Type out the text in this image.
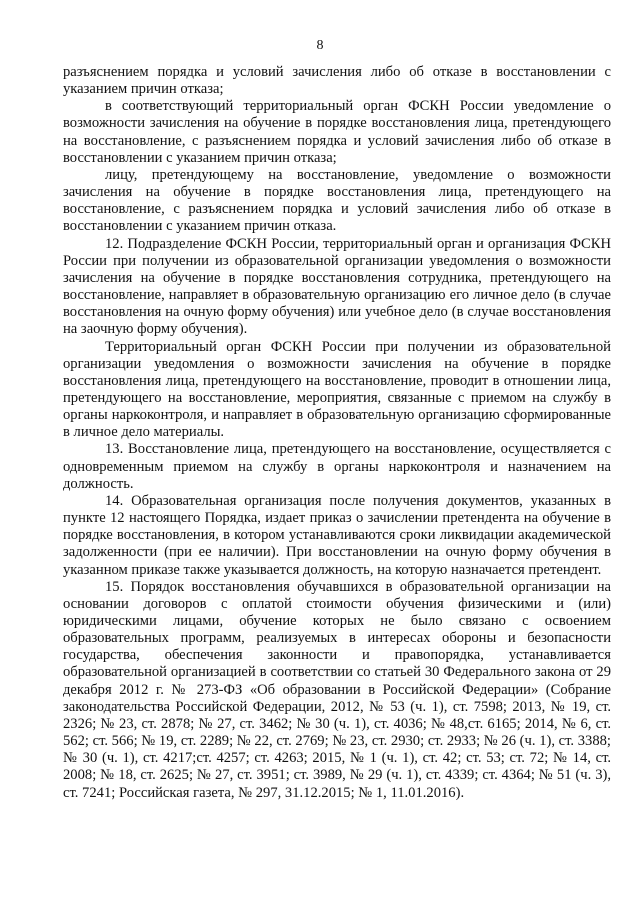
8

разъяснением порядка и условий зачисления либо об отказе в восстановлении с указанием причин отказа;

в соответствующий территориальный орган ФСКН России уведомление о возможности зачисления на обучение в порядке восстановления лица, претендующего на восстановление, с разъяснением порядка и условий зачисления либо об отказе в восстановлении с указанием причин отказа;

лицу, претендующему на восстановление, уведомление о возможности зачисления на обучение в порядке восстановления лица, претендующего на восстановление, с разъяснением порядка и условий зачисления либо об отказе в восстановлении с указанием причин отказа.

12. Подразделение ФСКН России, территориальный орган и организация ФСКН России при получении из образовательной организации уведомления о возможности зачисления на обучение в порядке восстановления сотрудника, претендующего на восстановление, направляет в образовательную организацию его личное дело (в случае восстановления на очную форму обучения) или учебное дело (в случае восстановления на заочную форму обучения).

Территориальный орган ФСКН России при получении из образовательной организации уведомления о возможности зачисления на обучение в порядке восстановления лица, претендующего на восстановление, проводит в отношении лица, претендующего на восстановление, мероприятия, связанные с приемом на службу в органы наркоконтроля, и направляет в образовательную организацию сформированные в личное дело материалы.

13. Восстановление лица, претендующего на восстановление, осуществляется с одновременным приемом на службу в органы наркоконтроля и назначением на должность.

14. Образовательная организация после получения документов, указанных в пункте 12 настоящего Порядка, издает приказ о зачислении претендента на обучение в порядке восстановления, в котором устанавливаются сроки ликвидации академической задолженности (при ее наличии). При восстановлении на очную форму обучения в указанном приказе также указывается должность, на которую назначается претендент.

15. Порядок восстановления обучавшихся в образовательной организации на основании договоров с оплатой стоимости обучения физическими и (или) юридическими лицами, обучение которых не было связано с освоением образовательных программ, реализуемых в интересах обороны и безопасности государства, обеспечения законности и правопорядка, устанавливается образовательной организацией в соответствии со статьей 30 Федерального закона от 29 декабря 2012 г. № 273-ФЗ «Об образовании в Российской Федерации» (Собрание законодательства Российской Федерации, 2012, № 53 (ч. 1), ст. 7598; 2013, № 19, ст. 2326; № 23, ст. 2878; № 27, ст. 3462; № 30 (ч. 1), ст. 4036; № 48,ст. 6165; 2014, № 6, ст. 562; ст. 566; № 19, ст. 2289; № 22, ст. 2769; № 23, ст. 2930; ст. 2933; № 26 (ч. 1), ст. 3388; № 30 (ч. 1), ст. 4217;ст. 4257; ст. 4263; 2015, № 1 (ч. 1), ст. 42; ст. 53; ст. 72; № 14, ст. 2008; № 18, ст. 2625; № 27, ст. 3951; ст. 3989, № 29 (ч. 1), ст. 4339; ст. 4364; № 51 (ч. 3), ст. 7241; Российская газета, № 297, 31.12.2015; № 1, 11.01.2016).
